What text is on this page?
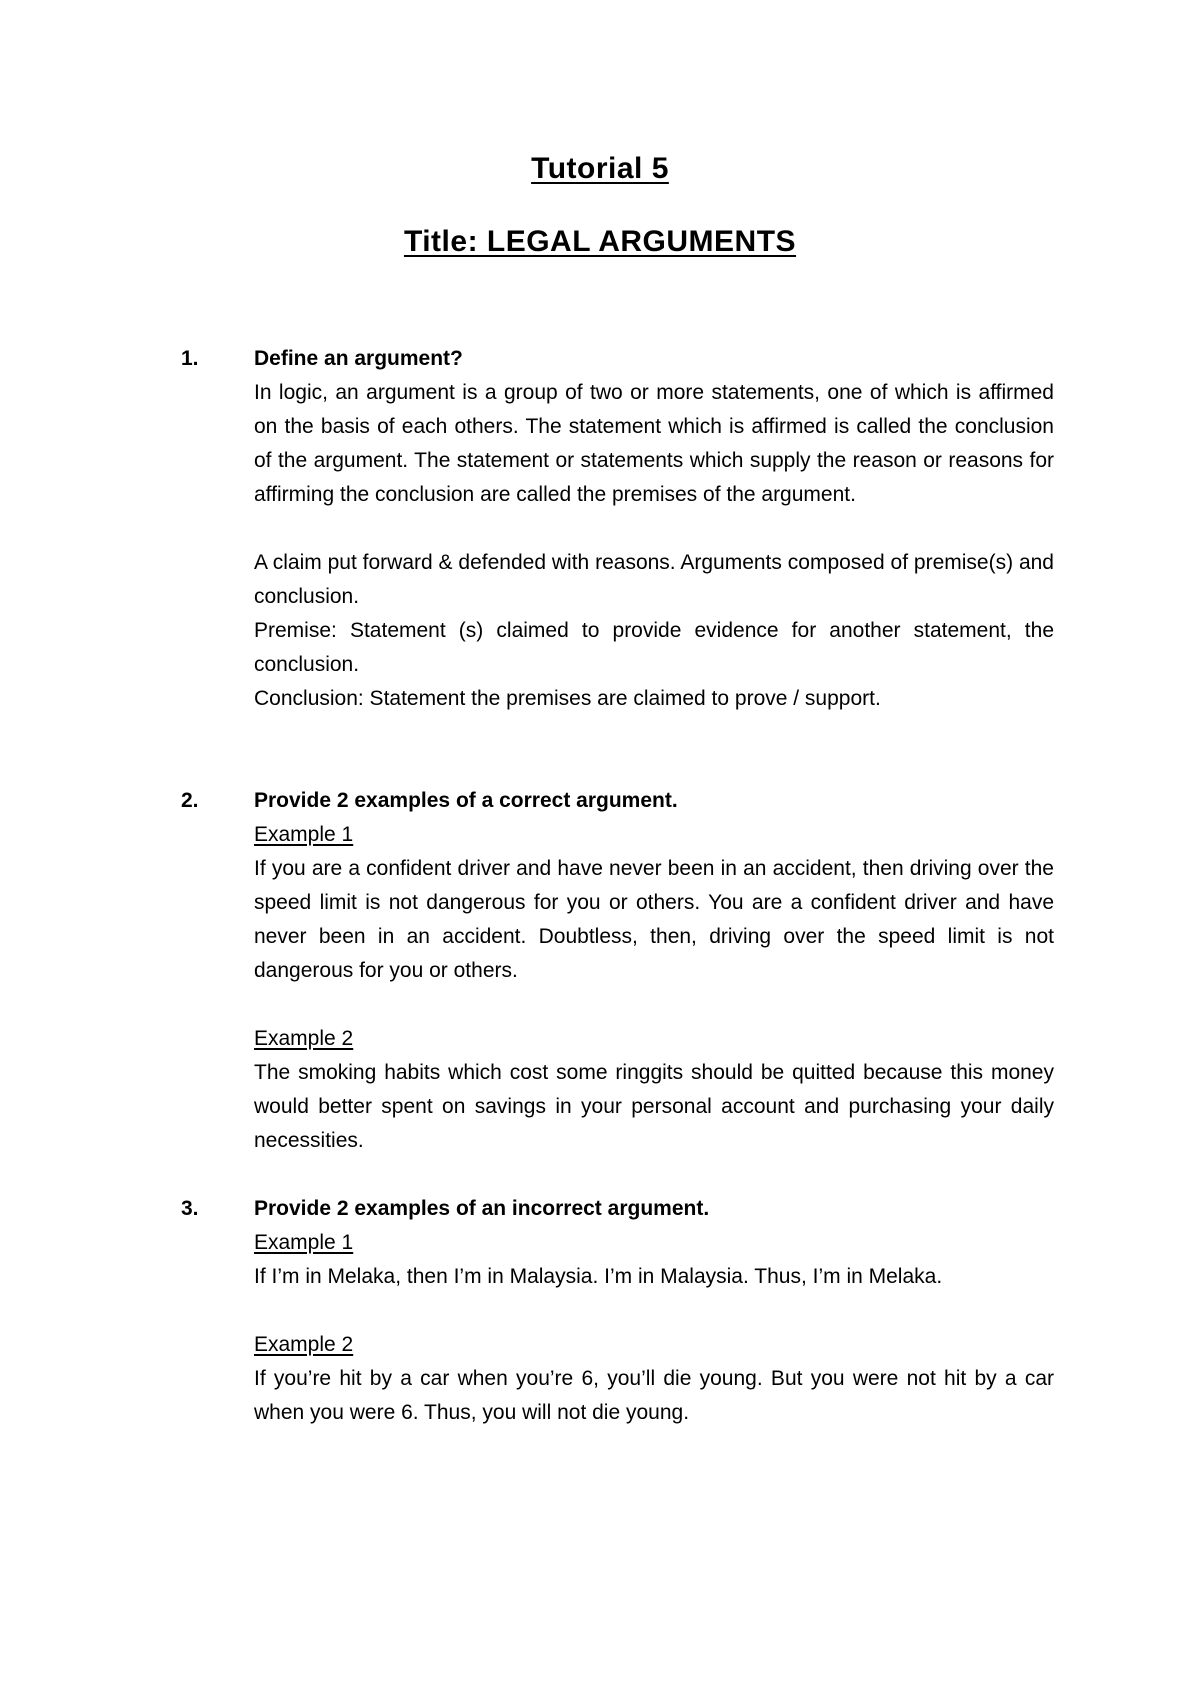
Tutorial 5
Title: LEGAL ARGUMENTS
1.	Define an argument?

In logic, an argument is a group of two or more statements, one of which is affirmed on the basis of each others. The statement which is affirmed is called the conclusion of the argument. The statement or statements which supply the reason or reasons for affirming the conclusion are called the premises of the argument.

A claim put forward & defended with reasons. Arguments composed of premise(s) and conclusion.

Premise: Statement (s) claimed to provide evidence for another statement, the conclusion.

Conclusion: Statement the premises are claimed to prove / support.

2.	Provide 2 examples of a correct argument.
Example 1

If you are a confident driver and have never been in an accident, then driving over the speed limit is not dangerous for you or others. You are a confident driver and have never been in an accident. Doubtless, then, driving over the speed limit is not dangerous for you or others.

Example 2

The smoking habits which cost some ringgits should be quitted because this money would better spent on savings in your personal account and purchasing your daily necessities.

3.	Provide 2 examples of an incorrect argument.
Example 1

If I’m in Melaka, then I’m in Malaysia. I’m in Malaysia. Thus, I’m in Melaka.

Example 2

If you’re hit by a car when you’re 6, you’ll die young. But you were not hit by a car when you were 6. Thus, you will not die young.
